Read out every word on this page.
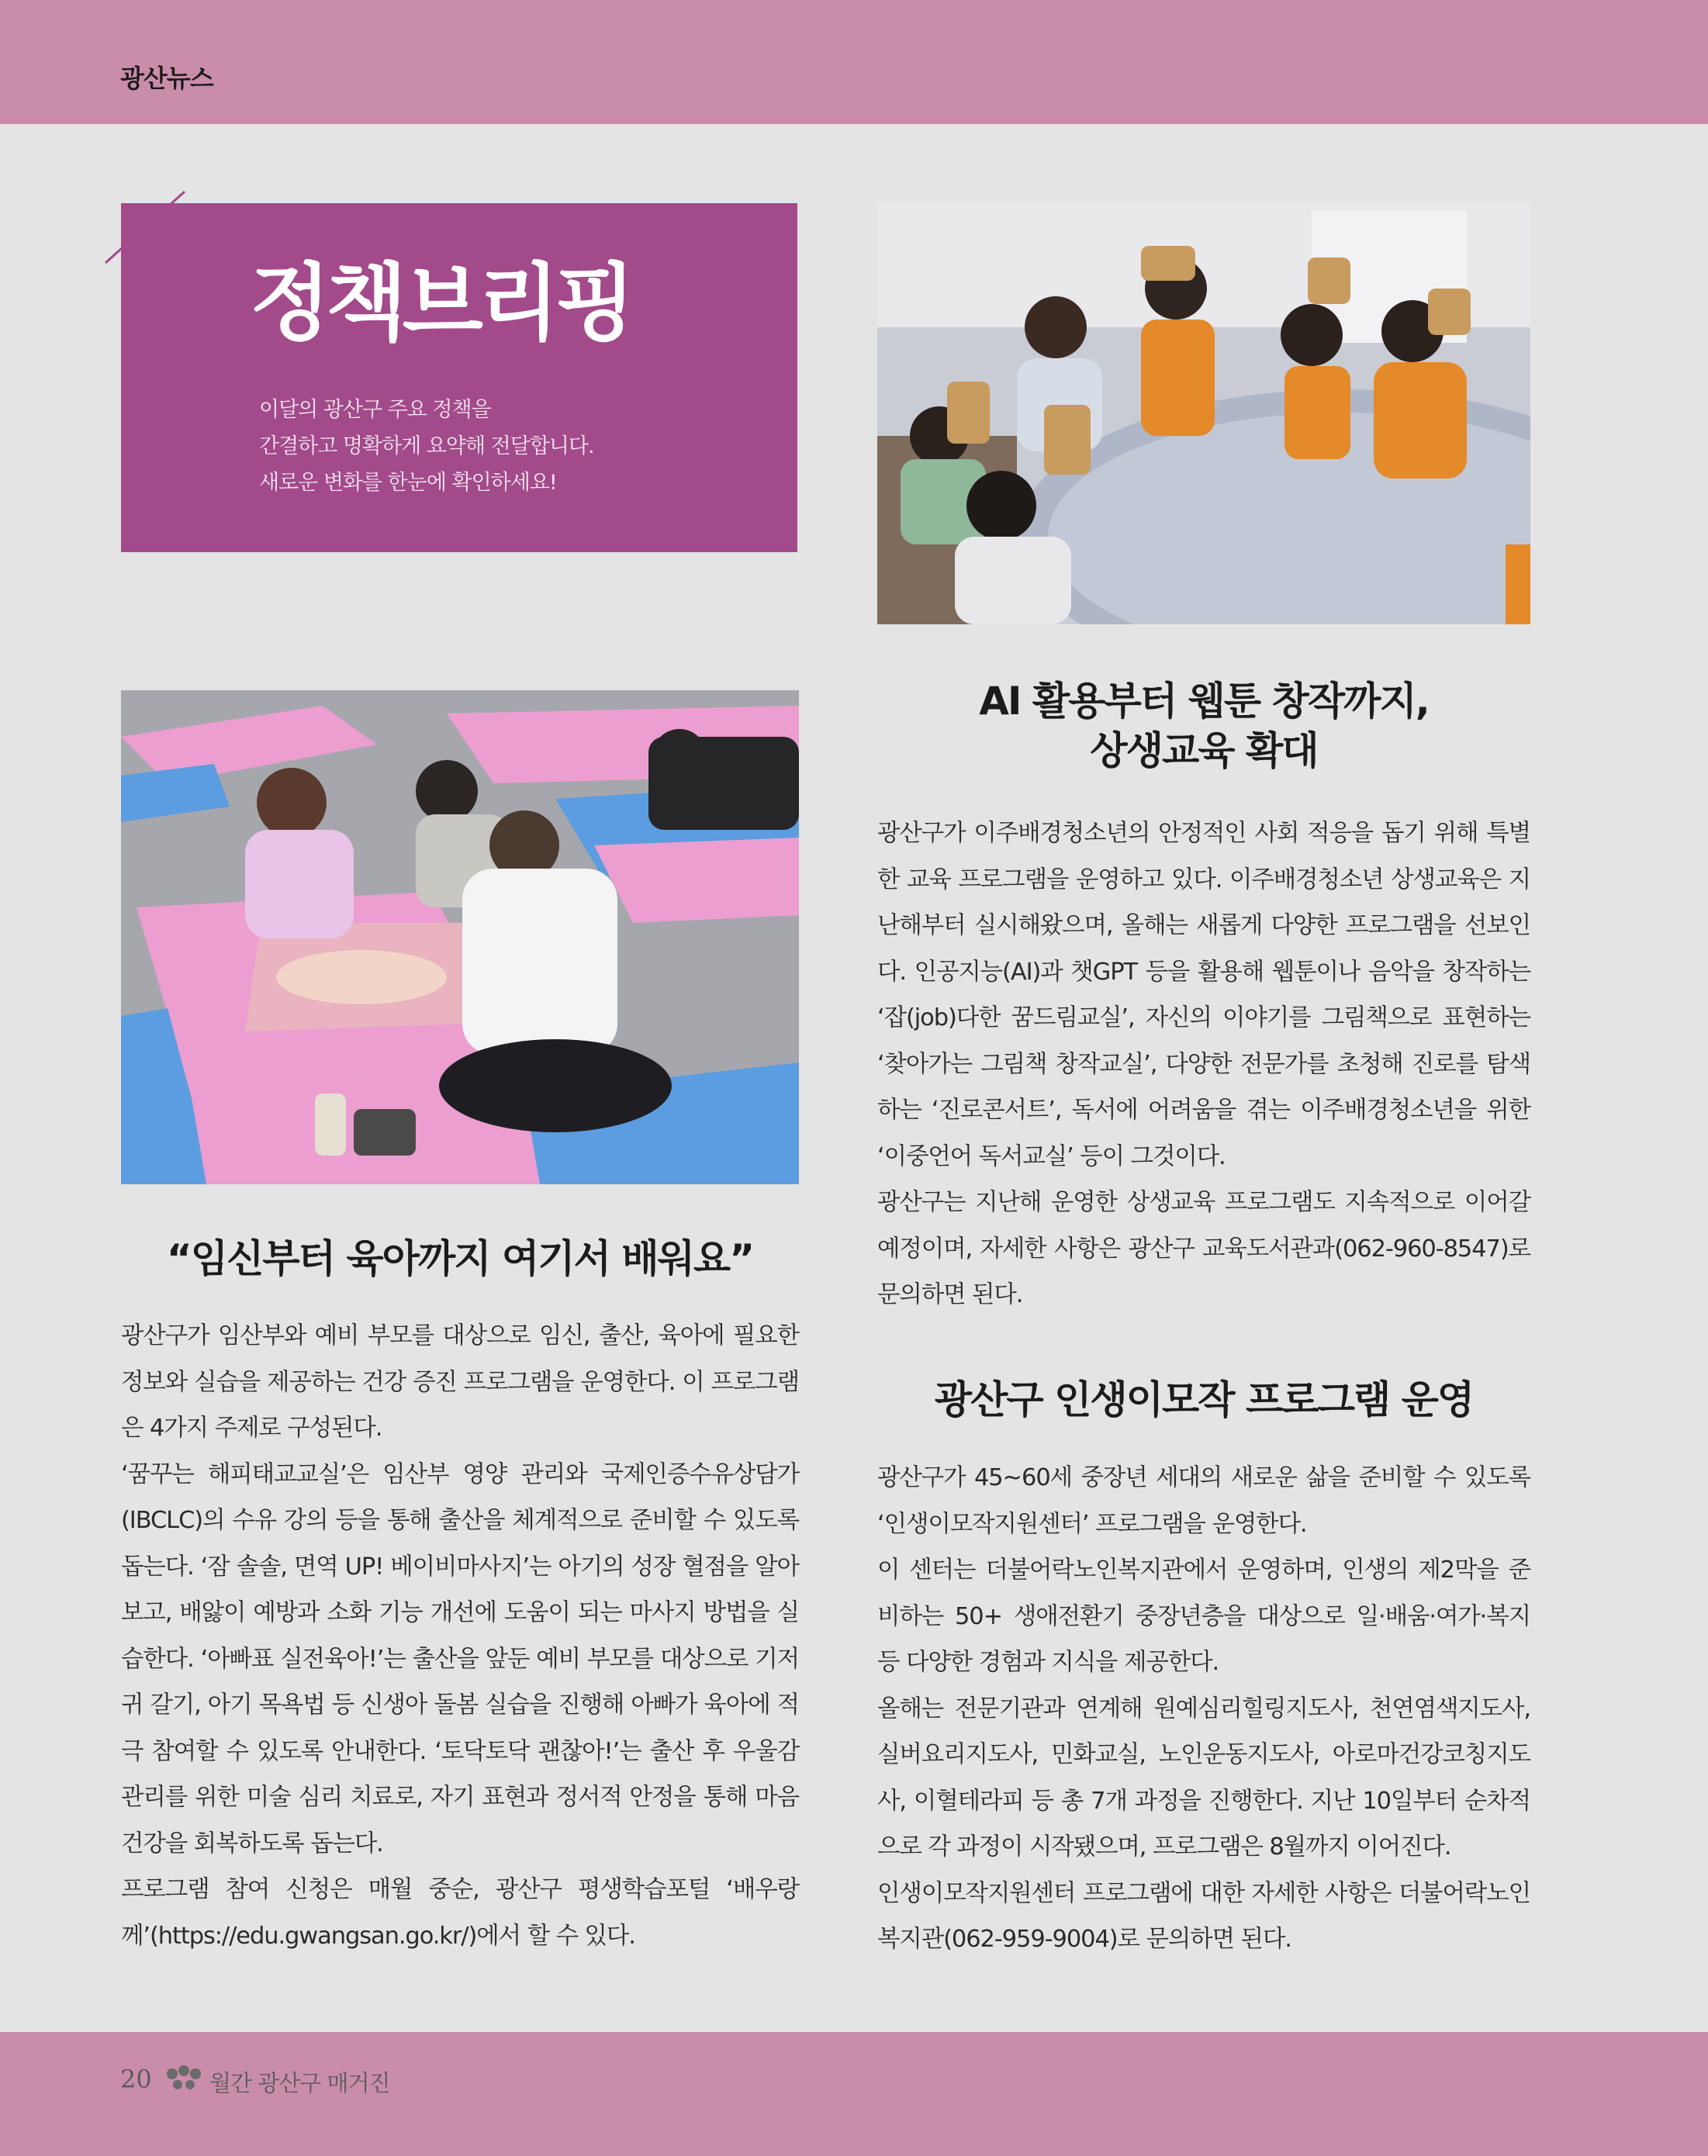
광산뉴스
정책브리핑
이달의 광산구 주요 정책을
간결하고 명확하게 요약해 전달합니다.
새로운 변화를 한눈에 확인하세요!
AI 활용부터 웹툰 창작까지,
상생교육 확대

광산구가 이주배경청소년의 안정적인 사회 적응을 돕기 위해 특별한 교육 프로그램을 운영하고 있다. 이주배경청소년 상생교육은 지난해부터 실시해왔으며, 올해는 새롭게 다양한 프로그램을 선보인다. 인공지능(AI)과 챗GPT 등을 활용해 웹툰이나 음악을 창작하는 ‘잡(job)다한 꿈드림교실’, 자신의 이야기를 그림책으로 표현하는 ‘찾아가는 그림책 창작교실’, 다양한 전문가를 초청해 진로를 탐색하는 ‘진로콘서트’, 독서에 어려움을 겪는 이주배경청소년을 위한 ‘이중언어 독서교실’ 등이 그것이다.

광산구는 지난해 운영한 상생교육 프로그램도 지속적으로 이어갈 예정이며, 자세한 사항은 광산구 교육도서관과(062-960-8547)로 문의하면 된다.

“임신부터 육아까지 여기서 배워요”

광산구가 임산부와 예비 부모를 대상으로 임신, 출산, 육아에 필요한 정보와 실습을 제공하는 건강 증진 프로그램을 운영한다. 이 프로그램은 4가지 주제로 구성된다.

‘꿈꾸는 해피태교교실’은 임산부 영양 관리와 국제인증수유상담가(IBCLC)의 수유 강의 등을 통해 출산을 체계적으로 준비할 수 있도록 돕는다. ‘잠 솔솔, 면역 UP! 베이비마사지’는 아기의 성장 혈점을 알아보고, 배앓이 예방과 소화 기능 개선에 도움이 되는 마사지 방법을 실습한다. ‘아빠표 실전육아!’는 출산을 앞둔 예비 부모를 대상으로 기저귀 갈기, 아기 목욕법 등 신생아 돌봄 실습을 진행해 아빠가 육아에 적극 참여할 수 있도록 안내한다. ‘토닥토닥 괜찮아!’는 출산 후 우울감 관리를 위한 미술 심리 치료로, 자기 표현과 정서적 안정을 통해 마음 건강을 회복하도록 돕는다.

프로그램 참여 신청은 매월 중순, 광산구 평생학습포털 ‘배우랑께’(https://edu.gwangsan.go.kr/)에서 할 수 있다.

광산구 인생이모작 프로그램 운영

광산구가 45~60세 중장년 세대의 새로운 삶을 준비할 수 있도록 ‘인생이모작지원센터’ 프로그램을 운영한다.

이 센터는 더불어락노인복지관에서 운영하며, 인생의 제2막을 준비하는 50+ 생애전환기 중장년층을 대상으로 일·배움·여가·복지 등 다양한 경험과 지식을 제공한다.

올해는 전문기관과 연계해 원예심리힐링지도사, 천연염색지도사, 실버요리지도사, 민화교실, 노인운동지도사, 아로마건강코칭지도사, 이혈테라피 등 총 7개 과정을 진행한다. 지난 10일부터 순차적으로 각 과정이 시작됐으며, 프로그램은 8월까지 이어진다.

인생이모작지원센터 프로그램에 대한 자세한 사항은 더불어락노인복지관(062-959-9004)로 문의하면 된다.

20	월간 광산구 매거진
